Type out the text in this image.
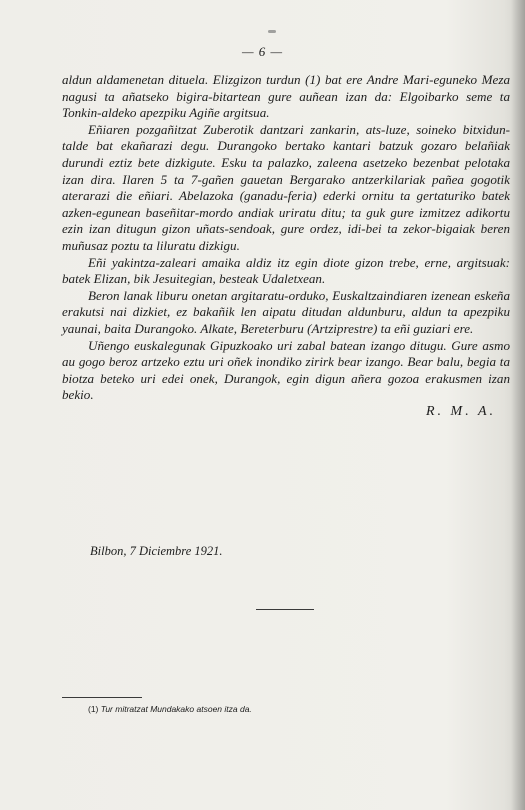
— 6 —

aldun aldamenetan dituela. Elizgizon turdun (1) bat ere Andre Mari-eguneko Meza nagusi ta añatseko bigira-bitartean gure auñean izan da: Elgoibarko seme ta Tonkin-aldeko apezpiku Agiñe argitsua.

Eñiaren pozgañitzat Zuberotik dantzari zankarin, ats-luze, soineko bitxidun-talde bat ekañarazi degu. Durangoko bertako kantari batzuk gozaro belañiak durundi eztiz bete dizkigute. Esku ta palazko, zaleena asetzeko bezenbat pelotaka izan dira. Ilaren 5 ta 7-gañen gauetan Bergarako antzerkilariak pañea gogotik aterarazi die eñiari. Abelazoka (ganadu-feria) ederki ornitu ta gertaturiko batek azken-egunean baseñitar-mordo andiak uriratu ditu; ta guk gure izmitzez adikortu ezin izan ditugun gizon uñats-sendoak, gure ordez, idi-bei ta zekor-bigaiak beren muñusaz poztu ta liluratu dizkigu.

Eñi yakintza-zaleari amaika aldiz itz egin diote gizon trebe, erne, argitsuak: batek Elizan, bik Jesuitegian, besteak Udaletxean.

Beron lanak liburu onetan argitaratu-orduko, Euskaltzaindiaren izenean eskeña erakutsi nai dizkiet, ez bakañik len aipatu ditudan aldunburu, aldun ta apezpiku yaunai, baita Durangoko. Alkate, Bereterburu (Artziprestre) ta eñi guziari ere.

Uñengo euskalegunak Gipuzkoako uri zabal batean izango ditugu. Gure asmo au gogo beroz artzeko eztu uri oñek inondiko zirirk bear izango. Bear balu, begia ta biotza beteko uri edei onek, Durangok, egin digun añera gozoa erakusmen izan bekio.

R. M. A.

Bilbon, 7 Diciembre 1921.
(1) Tur mitratzat Mundakako atsoen itza da.
